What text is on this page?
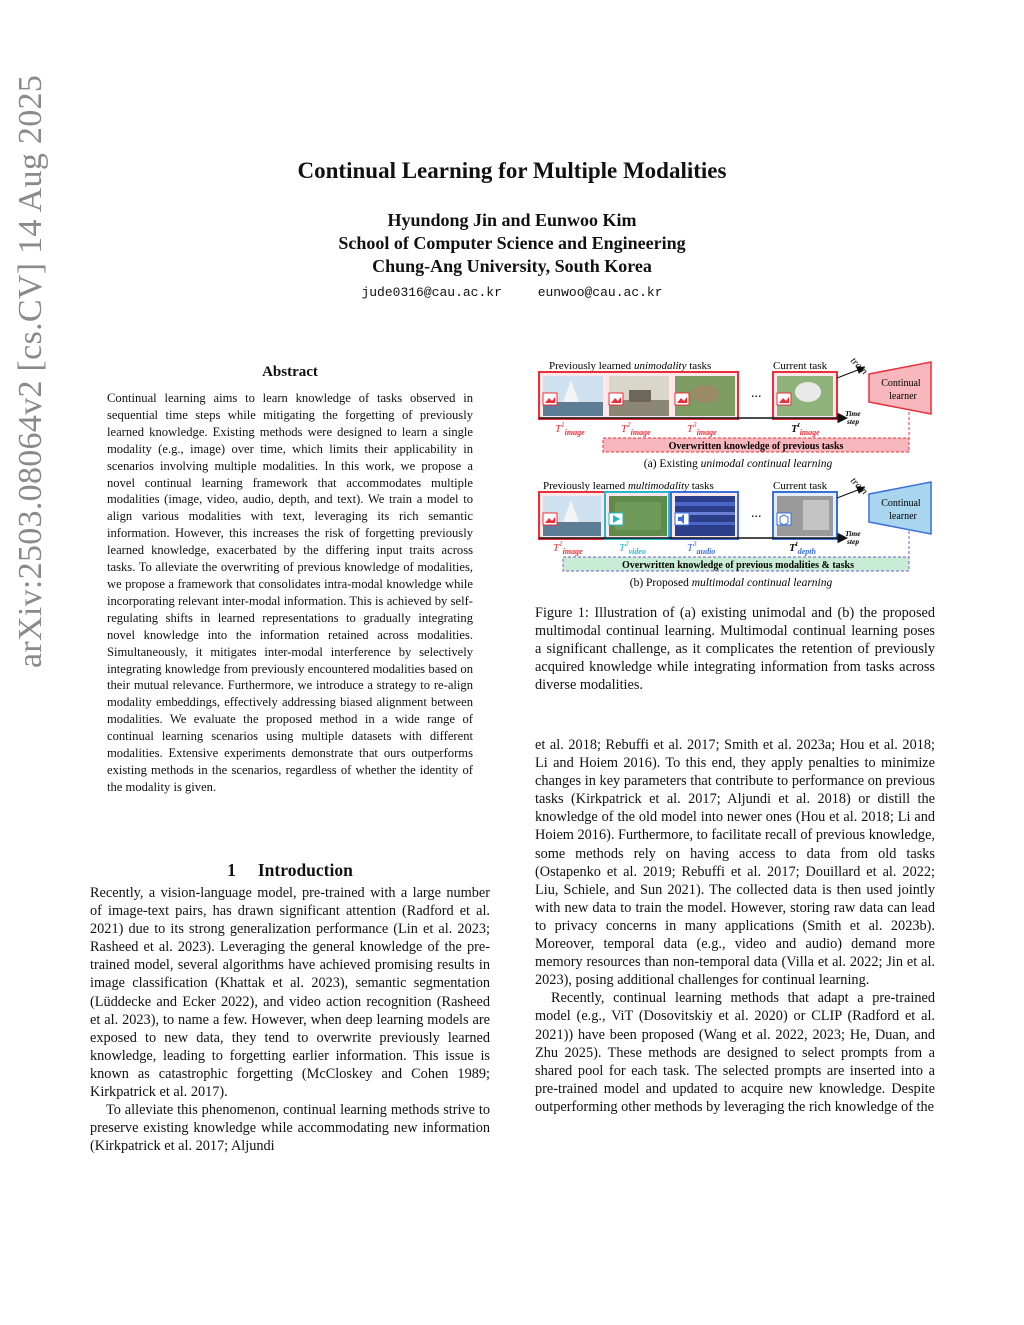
arXiv:2503.08064v2 [cs.CV] 14 Aug 2025	Continual Learning for Multiple Modalities
Hyundong Jin and Eunwoo Kim
School of Computer Science and Engineering
Chung-Ang University, South Korea
jude0316@cau.ac.kr	eunwoo@cau.ac.kr
Abstract
Continual learning aims to learn knowledge of tasks observed in sequential time steps while mitigating the forgetting of previously learned knowledge. Existing methods were designed to learn a single modality (e.g., image) over time, which limits their applicability in scenarios involving multiple modalities. In this work, we propose a novel continual learning framework that accommodates multiple modalities (image, video, audio, depth, and text). We train a model to align various modalities with text, leveraging its rich semantic information. However, this increases the risk of forgetting previously learned knowledge, exacerbated by the differing input traits across tasks. To alleviate the overwriting of previous knowledge of modalities, we propose a framework that consolidates intra-modal knowledge while incorporating relevant inter-modal information. This is achieved by self-regulating shifts in learned representations to gradually integrating novel knowledge into the information retained across modalities. Simultaneously, it mitigates inter-modal interference by selectively integrating knowledge from previously encountered modalities based on their mutual relevance. Furthermore, we introduce a strategy to re-align modality embeddings, effectively addressing biased alignment between modalities. We evaluate the proposed method in a wide range of continual learning scenarios using multiple datasets with different modalities. Extensive experiments demonstrate that ours outperforms existing methods in the scenarios, regardless of whether the identity of the modality is given.
1 Introduction

Recently, a vision-language model, pre-trained with a large number of image-text pairs, has drawn significant attention (Radford et al. 2021) due to its strong generalization performance (Lin et al. 2023; Rasheed et al. 2023). Leveraging the general knowledge of the pre-trained model, several algorithms have achieved promising results in image classification (Khattak et al. 2023), semantic segmentation (Lüddecke and Ecker 2022), and video action recognition (Rasheed et al. 2023), to name a few. However, when deep learning models are exposed to new data, they tend to overwrite previously learned knowledge, leading to forgetting earlier information. This issue is known as catastrophic forgetting (McCloskey and Cohen 1989; Kirkpatrick et al. 2017).

To alleviate this phenomenon, continual learning methods strive to preserve existing knowledge while accommodating new information (Kirkpatrick et al. 2017; Aljundi

Previously learned unimodality tasks	Current task
...
Time
step
$T^1_{image}$	$T^2_{image}$	$T^3_{image}$	$T^t_{image}$
Overwritten knowledge of previous tasks
train
Continual
learner
(a) Existing unimodal continual learning
Previously learned multimodality tasks	Current task
...
Time
step
$T^1_{image}$	$T^2_{video}$	$T^3_{audio}$	$T^t_{depth}$
Overwritten knowledge of previous modalities & tasks
train
Continual
learner
(b) Proposed multimodal continual learning
Figure 1: Illustration of (a) existing unimodal and (b) the proposed multimodal continual learning. Multimodal continual learning poses a significant challenge, as it complicates the retention of previously acquired knowledge while integrating information from tasks across diverse modalities.

et al. 2018; Rebuffi et al. 2017; Smith et al. 2023a; Hou et al. 2018; Li and Hoiem 2016). To this end, they apply penalties to minimize changes in key parameters that contribute to performance on previous tasks (Kirkpatrick et al. 2017; Aljundi et al. 2018) or distill the knowledge of the old model into newer ones (Hou et al. 2018; Li and Hoiem 2016). Furthermore, to facilitate recall of previous knowledge, some methods rely on having access to data from old tasks (Ostapenko et al. 2019; Rebuffi et al. 2017; Douillard et al. 2022; Liu, Schiele, and Sun 2021). The collected data is then used jointly with new data to train the model. However, storing raw data can lead to privacy concerns in many applications (Smith et al. 2023b). Moreover, temporal data (e.g., video and audio) demand more memory resources than non-temporal data (Villa et al. 2022; Jin et al. 2023), posing additional challenges for continual learning.

Recently, continual learning methods that adapt a pre-trained model (e.g., ViT (Dosovitskiy et al. 2020) or CLIP (Radford et al. 2021)) have been proposed (Wang et al. 2022, 2023; He, Duan, and Zhu 2025). These methods are designed to select prompts from a shared pool for each task. The selected prompts are inserted into a pre-trained model and updated to acquire new knowledge. Despite outperforming other methods by leveraging the rich knowledge of the
